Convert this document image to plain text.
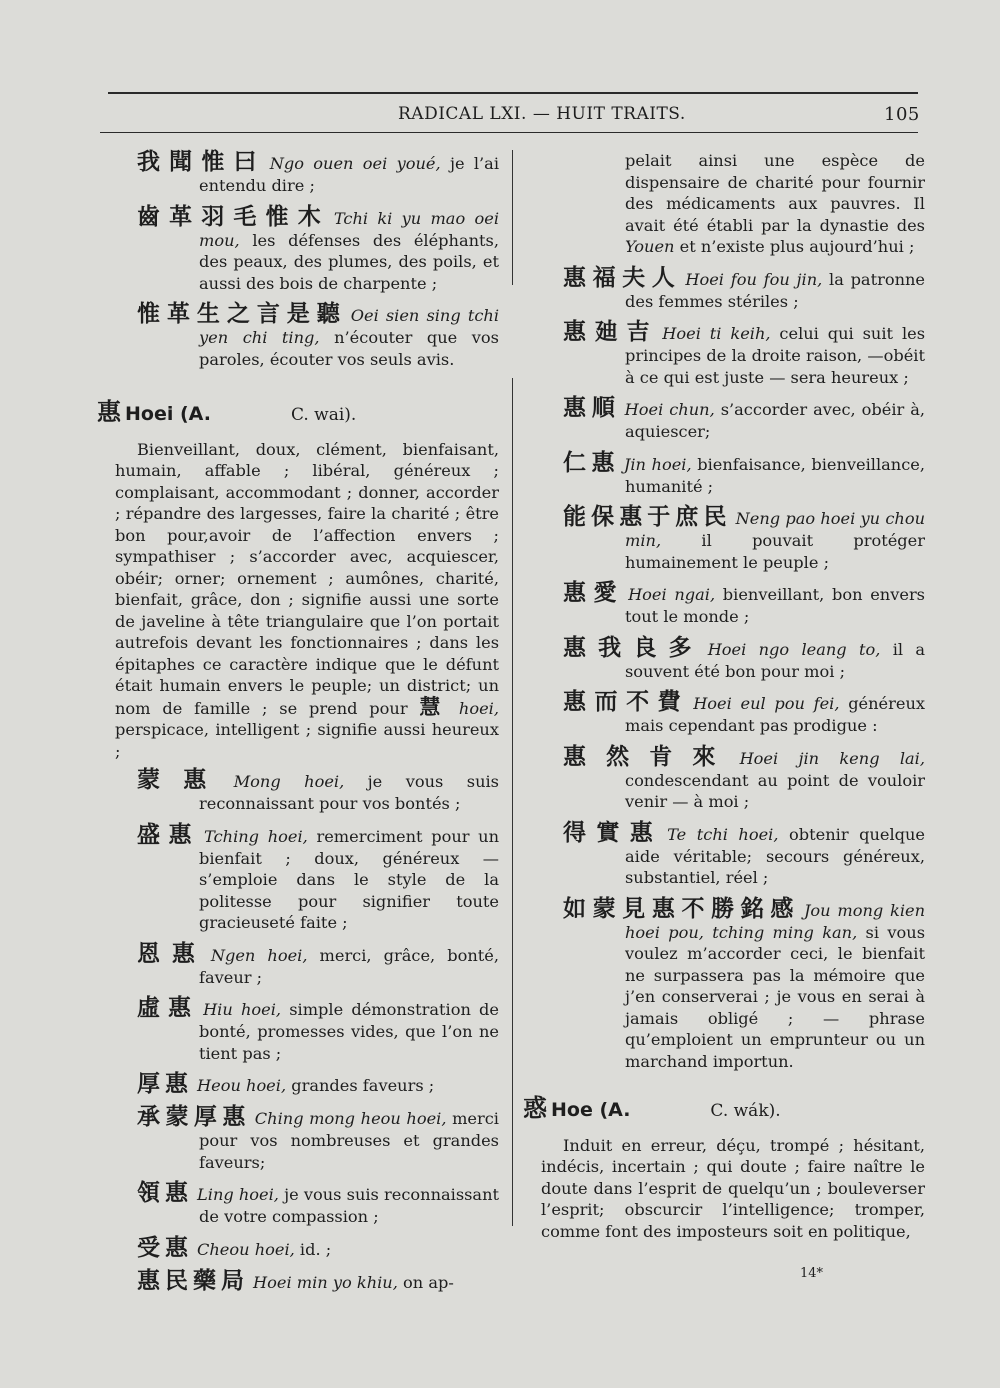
RADICAL LXI. — HUIT TRAITS.	105
我聞惟曰 Ngo ouen oei youé, je l’ai entendu dire ;
齒革羽毛惟木 Tchi ki yu mao oei mou, les défenses des éléphants, des peaux, des plumes, des poils, et aussi des bois de charpente ;
惟革生之言是聽 Oei sien sing tchi yen chi ting, n’écouter que vos paroles, écouter vos seuls avis.
惠 Hoei (A.	C. wai).
Bienveillant, doux, clément, bienfaisant, humain, affable ; libéral, généreux ; complaisant, accommodant ; donner, accorder ; répandre des largesses, faire la charité ; être bon pour,avoir de l’affection envers ; sympathiser ; s’accorder avec, acquiescer, obéir; orner; ornement ; aumônes, charité, bienfait, grâce, don ; signifie aussi une sorte de javeline à tête triangulaire que l’on portait autrefois devant les fonctionnaires ; dans les épitaphes ce caractère indique que le défunt était humain envers le peuple; un district; un nom de famille ; se prend pour 慧 hoei, perspicace, intelligent ; signifie aussi heureux ;
蒙惠 Mong hoei, je vous suis reconnaissant pour vos bontés ;
盛惠 Tching hoei, remerciment pour un bienfait ; doux, généreux — s’emploie dans le style de la politesse pour signifier toute gracieuseté faite ;
恩惠 Ngen hoei, merci, grâce, bonté, faveur ;
虛惠 Hiu hoei, simple démonstration de bonté, promesses vides, que l’on ne tient pas ;
厚惠 Heou hoei, grandes faveurs ;
承蒙厚惠 Ching mong heou hoei, merci pour vos nombreuses et grandes faveurs;
領惠 Ling hoei, je vous suis reconnaissant de votre compassion ;
受惠 Cheou hoei, id. ;
惠民藥局 Hoei min yo khiu, on ap-
pelait ainsi une espèce de dispensaire de charité pour fournir des médicaments aux pauvres. Il avait été établi par la dynastie des Youen et n’existe plus aujourd’hui ;
惠福夫人 Hoei fou fou jin, la patronne des femmes stériles ;
惠廸吉 Hoei ti keih, celui qui suit les principes de la droite raison, —obéit à ce qui est juste — sera heureux ;
惠順 Hoei chun, s’accorder avec, obéir à, aquiescer;
仁惠 Jin hoei, bienfaisance, bienveillance, humanité ;
能保惠于庶民 Neng pao hoei yu chou min, il pouvait protéger humainement le peuple ;
惠愛 Hoei ngai, bienveillant, bon envers tout le monde ;
惠我良多 Hoei ngo leang to, il a souvent été bon pour moi ;
惠而不費 Hoei eul pou fei, généreux mais cependant pas prodigue :
惠然肯來 Hoei jin keng lai, condescendant au point de vouloir venir — à moi ;
得實惠 Te tchi hoei, obtenir quelque aide véritable; secours généreux, substantiel, réel ;
如蒙見惠不勝銘感 Jou mong kien hoei pou, tching ming kan, si vous voulez m’accorder ceci, le bienfait ne surpassera pas la mémoire que j’en conserverai ; je vous en serai à jamais obligé ; — phrase qu’emploient un emprunteur ou un marchand importun.
惑 Hoe (A.	C. wák).
Induit en erreur, déçu, trompé ; hésitant, indécis, incertain ; qui doute ; faire naître le doute dans l’esprit de quelqu’un ; bouleverser l’esprit; obscurcir l’intelligence; tromper, comme font des imposteurs soit en politique,
14*
